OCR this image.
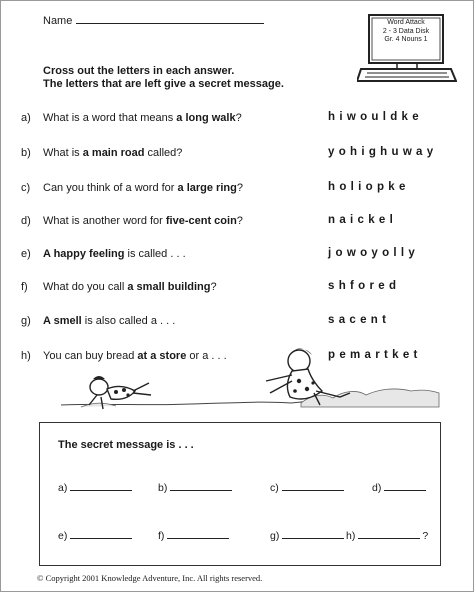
Name	Word Attack
2 - 3 Data Disk
Gr. 4 Nouns 1
Cross out the letters in each answer.
The letters that are left give a secret message.
a) What is a word that means a long walk?	hiwouldke
b) What is a main road called?	yohighuway
c) Can you think of a word for a large ring?	holiopke
d) What is another word for five-cent coin?	naickel
e) A happy feeling is called . . .	jowoyolly
f) What do you call a small building?	shfored
g) A smell is also called a . . .	sacent
h) You can buy bread at a store or a . . .	pemartket
The secret message is . . .
a)	b)	c)	d)
e)	f)	g)	h)	?
© Copyright 2001 Knowledge Adventure, Inc. All rights reserved.
